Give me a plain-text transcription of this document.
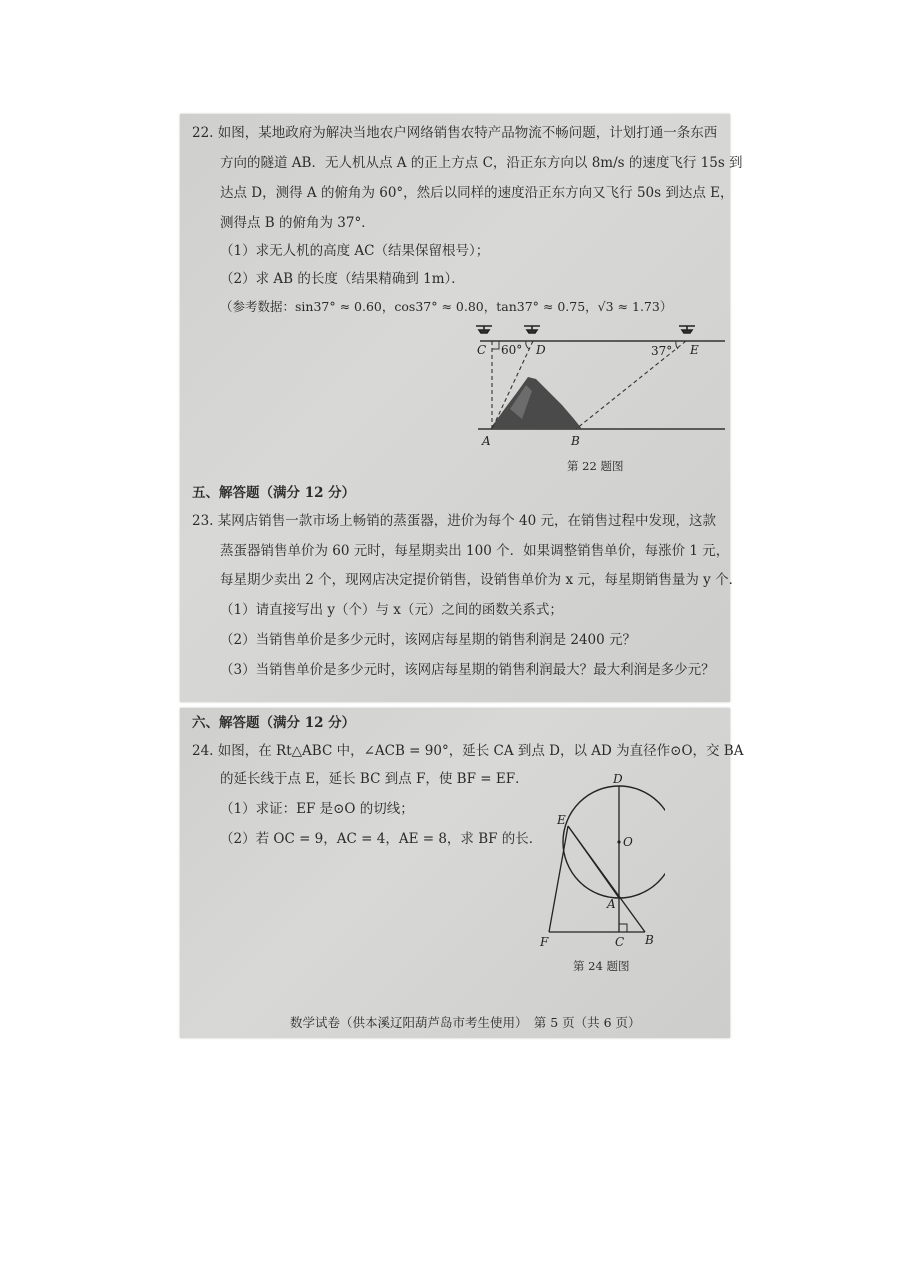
22. 如图，某地政府为解决当地农户网络销售农特产品物流不畅问题，计划打通一条东西
方向的隧道 AB．无人机从点 A 的正上方点 C，沿正东方向以 8m/s 的速度飞行 15s 到
达点 D，测得 A 的俯角为 60°，然后以同样的速度沿正东方向又飞行 50s 到达点 E，
测得点 B 的俯角为 37°．
（1）求无人机的高度 AC（结果保留根号）；
（2）求 AB 的长度（结果精确到 1m）．
（参考数据：sin37° ≈ 0.60，cos37° ≈ 0.80，tan37° ≈ 0.75，√3 ≈ 1.73）
C 60° D	37° E
A	B
第 22 题图
五、解答题（满分 12 分）
23. 某网店销售一款市场上畅销的蒸蛋器，进价为每个 40 元，在销售过程中发现，这款
蒸蛋器销售单价为 60 元时，每星期卖出 100 个．如果调整销售单价，每涨价 1 元，
每星期少卖出 2 个，现网店决定提价销售，设销售单价为 x 元，每星期销售量为 y 个．
（1）请直接写出 y（个）与 x（元）之间的函数关系式；
（2）当销售单价是多少元时，该网店每星期的销售利润是 2400 元？
（3）当销售单价是多少元时，该网店每星期的销售利润最大？最大利润是多少元？
六、解答题（满分 12 分）
24. 如图，在 Rt△ABC 中，∠ACB = 90°，延长 CA 到点 D，以 AD 为直径作⊙O，交 BA
的延长线于点 E，延长 BC 到点 F，使 BF = EF．
（1）求证：EF 是⊙O 的切线；
（2）若 OC = 9，AC = 4，AE = 8，求 BF 的长．
D
E
O
A
F	C B
第 24 题图
数学试卷（供本溪辽阳葫芦岛市考生使用）　第 5 页（共 6 页）
